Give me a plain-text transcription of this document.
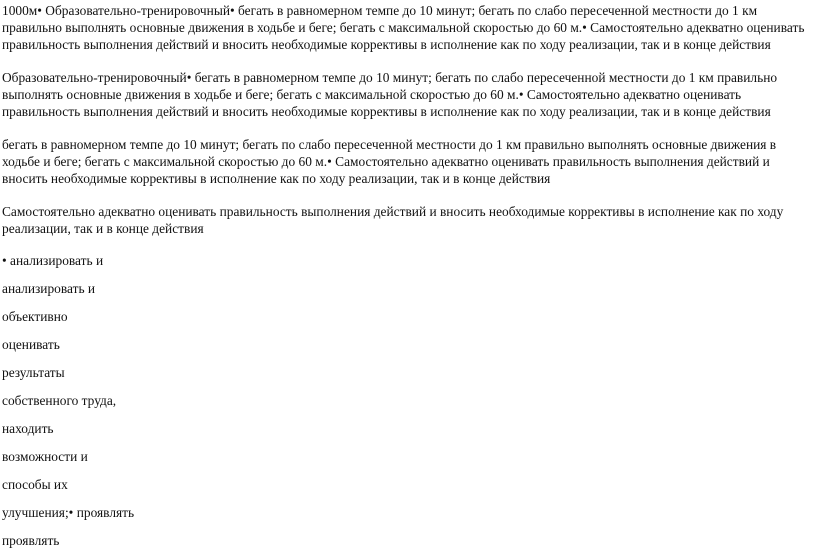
1000м• Образовательно-тренировочный• бегать в равномерном темпе до 10 минут; бегать по слабо пересеченной местности до 1 км правильно выполнять основные движения в ходьбе и беге; бегать с максимальной скоростью до 60 м.• Самостоятельно адекватно оценивать правильность выполнения действий и вносить необходимые коррективы в исполнение как по ходу реализации, так и в конце действия

Образовательно-тренировочный• бегать в равномерном темпе до 10 минут; бегать по слабо пересеченной местности до 1 км правильно выполнять основные движения в ходьбе и беге; бегать с максимальной скоростью до 60 м.• Самостоятельно адекватно оценивать правильность выполнения действий и вносить необходимые коррективы в исполнение как по ходу реализации, так и в конце действия

бегать в равномерном темпе до 10 минут; бегать по слабо пересеченной местности до 1 км правильно выполнять основные движения в ходьбе и беге; бегать с максимальной скоростью до 60 м.• Самостоятельно адекватно оценивать правильность выполнения действий и вносить необходимые коррективы в исполнение как по ходу реализации, так и в конце действия

Самостоятельно адекватно оценивать правильность выполнения действий и вносить необходимые коррективы в исполнение как по ходу реализации, так и в конце действия

• анализировать и
анализировать и
объективно
оценивать
результаты
собственного труда,
находить
возможности и
способы их
улучшения;• проявлять
проявлять
